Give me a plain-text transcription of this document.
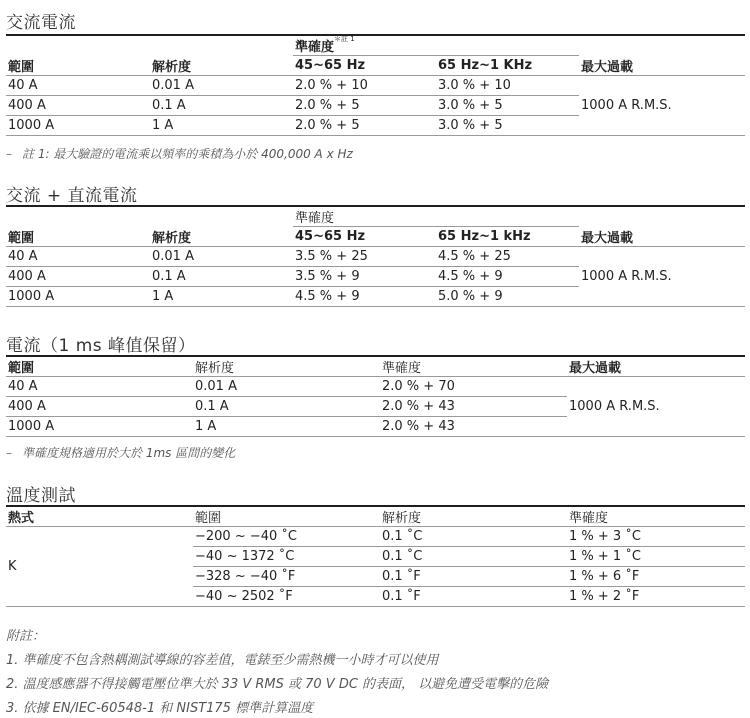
交流電流
		準確度$^{*註 1}$	
範圍	解析度	45~65 Hz	65 Hz~1 KHz	最大過載
40 A	0.01 A	2.0 % + 10	3.0 % + 10	1000 A R.M.S.
400 A	0.1 A	2.0 % + 5	3.0 % + 5	
1000 A	1 A	2.0 % + 5	3.0 % + 5	
– 註 1: 最大驗證的電流乘以頻率的乘積為小於 400,000 A x Hz
交流 + 直流電流
		準確度		
範圍	解析度	45~65 Hz	65 Hz~1 kHz	最大過載
40 A	0.01 A	3.5 % + 25	4.5 % + 25	1000 A R.M.S.
400 A	0.1 A	3.5 % + 9	4.5 % + 9	
1000 A	1 A	4.5 % + 9	5.0 % + 9	
電流（1 ms 峰值保留）
範圍	解析度	準確度	最大過載
40 A	0.01 A	2.0 % + 70	1000 A R.M.S.
400 A	0.1 A	2.0 % + 43	
1000 A	1 A	2.0 % + 43	
– 準確度規格適用於大於 1ms 區間的變化
溫度測試
熱式	範圍	解析度	準確度
K	−200 ~ −40 ˚C	0.1 ˚C	1 % + 3 ˚C
	−40 ~ 1372 ˚C	0.1 ˚C	1 % + 1 ˚C
	−328 ~ −40 ˚F	0.1 ˚F	1 % + 6 ˚F
	−40 ~ 2502 ˚F	0.1 ˚F	1 % + 2 ˚F
附註：
1. 準確度不包含熱耦測試導線的容差值，電錶至少需熱機一小時才可以使用
2. 溫度感應器不得接觸電壓位準大於 33 V RMS 或 70 V DC 的表面， 以避免遭受電擊的危險
3. 依據 EN/IEC-60548-1 和 NIST175 標準計算溫度
